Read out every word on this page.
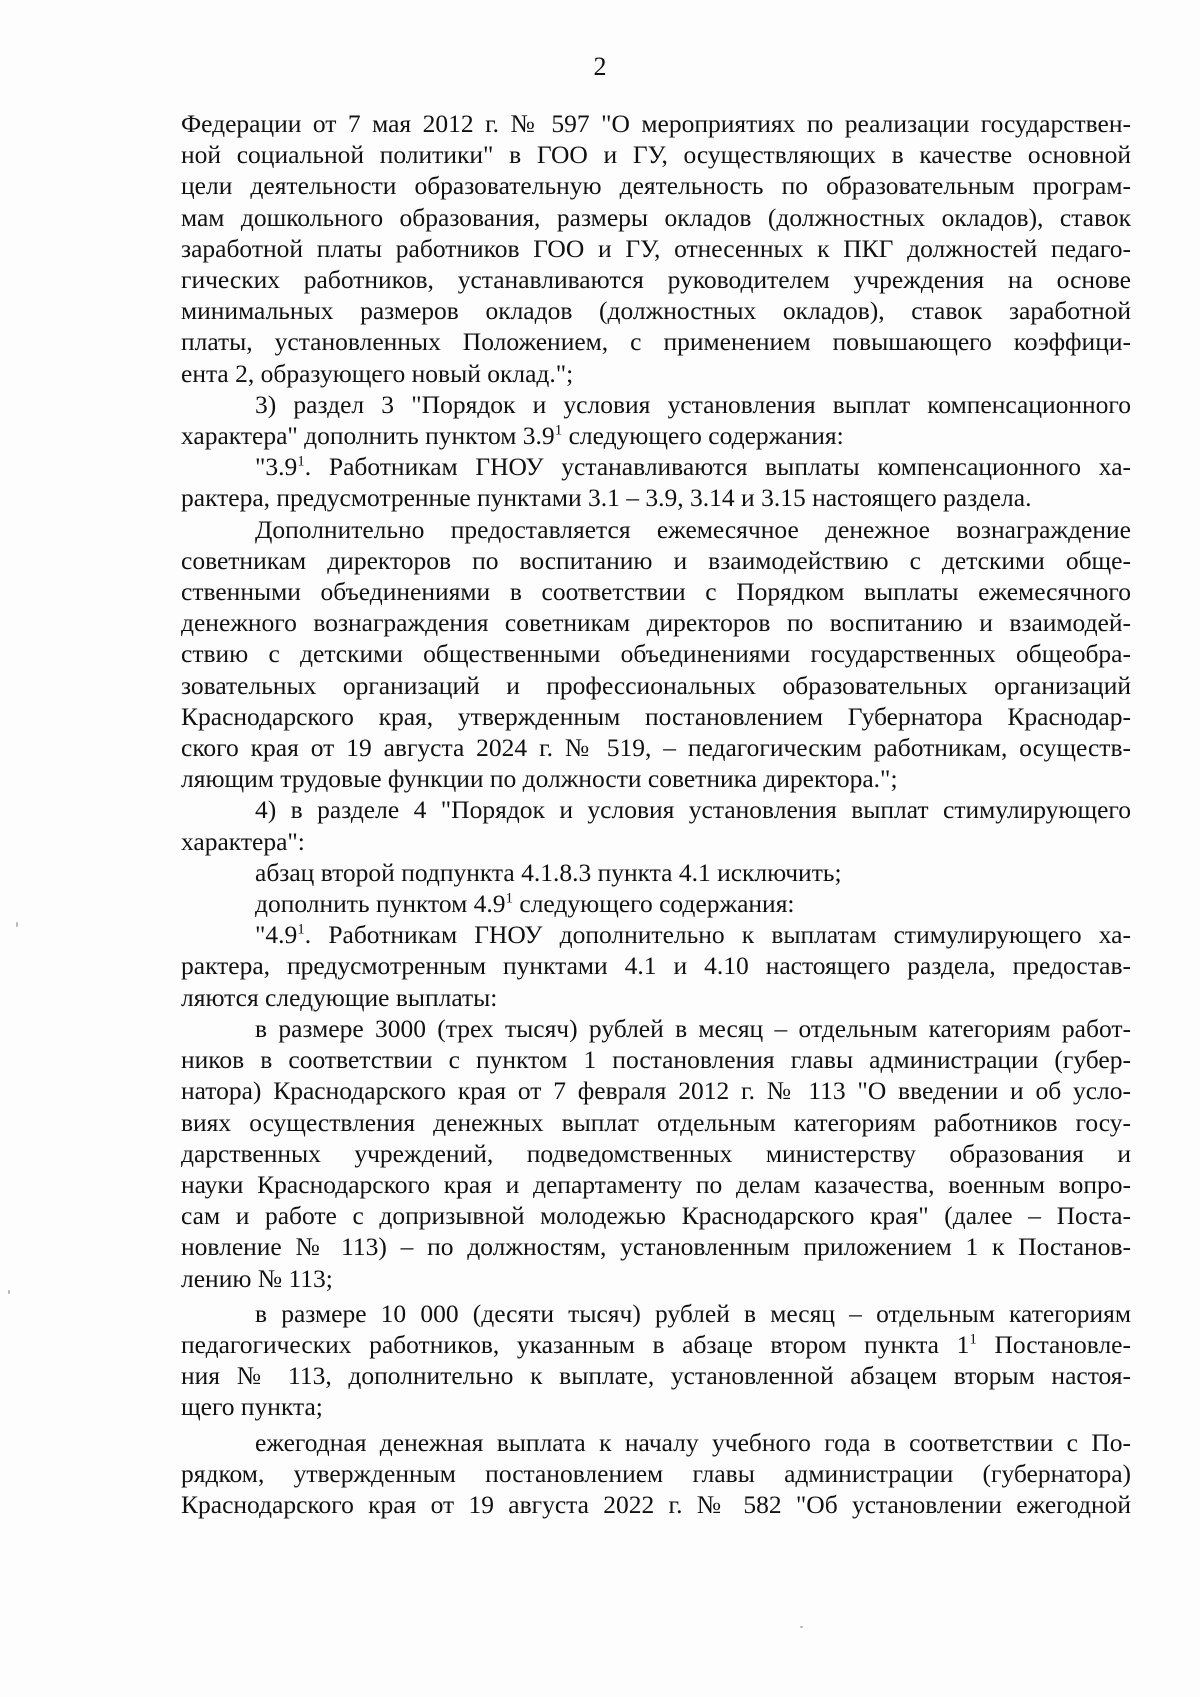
2
Федерации от 7 мая 2012 г. № 597 "О мероприятиях по реализации государствен-
ной социальной политики" в ГОО и ГУ, осуществляющих в качестве основной
цели деятельности образовательную деятельность по образовательным програм-
мам дошкольного образования, размеры окладов (должностных окладов), ставок
заработной платы работников ГОО и ГУ, отнесенных к ПКГ должностей педаго-
гических работников, устанавливаются руководителем учреждения на основе
минимальных размеров окладов (должностных окладов), ставок заработной
платы, установленных Положением, с применением повышающего коэффици-
ента 2, образующего новый оклад.";
3) раздел 3 "Порядок и условия установления выплат компенсационного
характера" дополнить пунктом $3.9^1$ следующего содержания:
"$3.9^1$. Работникам ГНОУ устанавливаются выплаты компенсационного ха-
рактера, предусмотренные пунктами 3.1 – 3.9, 3.14 и 3.15 настоящего раздела.
Дополнительно предоставляется ежемесячное денежное вознаграждение
советникам директоров по воспитанию и взаимодействию с детскими обще-
ственными объединениями в соответствии с Порядком выплаты ежемесячного
денежного вознаграждения советникам директоров по воспитанию и взаимодей-
ствию с детскими общественными объединениями государственных общеобра-
зовательных организаций и профессиональных образовательных организаций
Краснодарского края, утвержденным постановлением Губернатора Краснодар-
ского края от 19 августа 2024 г. № 519, – педагогическим работникам, осуществ-
ляющим трудовые функции по должности советника директора.";
4) в разделе 4 "Порядок и условия установления выплат стимулирующего
характера":
абзац второй подпункта 4.1.8.3 пункта 4.1 исключить;
дополнить пунктом $4.9^1$ следующего содержания:
"$4.9^1$. Работникам ГНОУ дополнительно к выплатам стимулирующего ха-
рактера, предусмотренным пунктами 4.1 и 4.10 настоящего раздела, предостав-
ляются следующие выплаты:
в размере 3000 (трех тысяч) рублей в месяц – отдельным категориям работ-
ников в соответствии с пунктом 1 постановления главы администрации (губер-
натора) Краснодарского края от 7 февраля 2012 г. № 113 "О введении и об усло-
виях осуществления денежных выплат отдельным категориям работников госу-
дарственных учреждений, подведомственных министерству образования и
науки Краснодарского края и департаменту по делам казачества, военным вопро-
сам и работе с допризывной молодежью Краснодарского края" (далее – Поста-
новление № 113) – по должностям, установленным приложением 1 к Постанов-
лению № 113;
в размере 10 000 (десяти тысяч) рублей в месяц – отдельным категориям
педагогических работников, указанным в абзаце втором пункта $1^1$ Постановле-
ния № 113, дополнительно к выплате, установленной абзацем вторым настоя-
щего пункта;
ежегодная денежная выплата к началу учебного года в соответствии с По-
рядком, утвержденным постановлением главы администрации (губернатора)
Краснодарского края от 19 августа 2022 г. № 582 "Об установлении ежегодной
